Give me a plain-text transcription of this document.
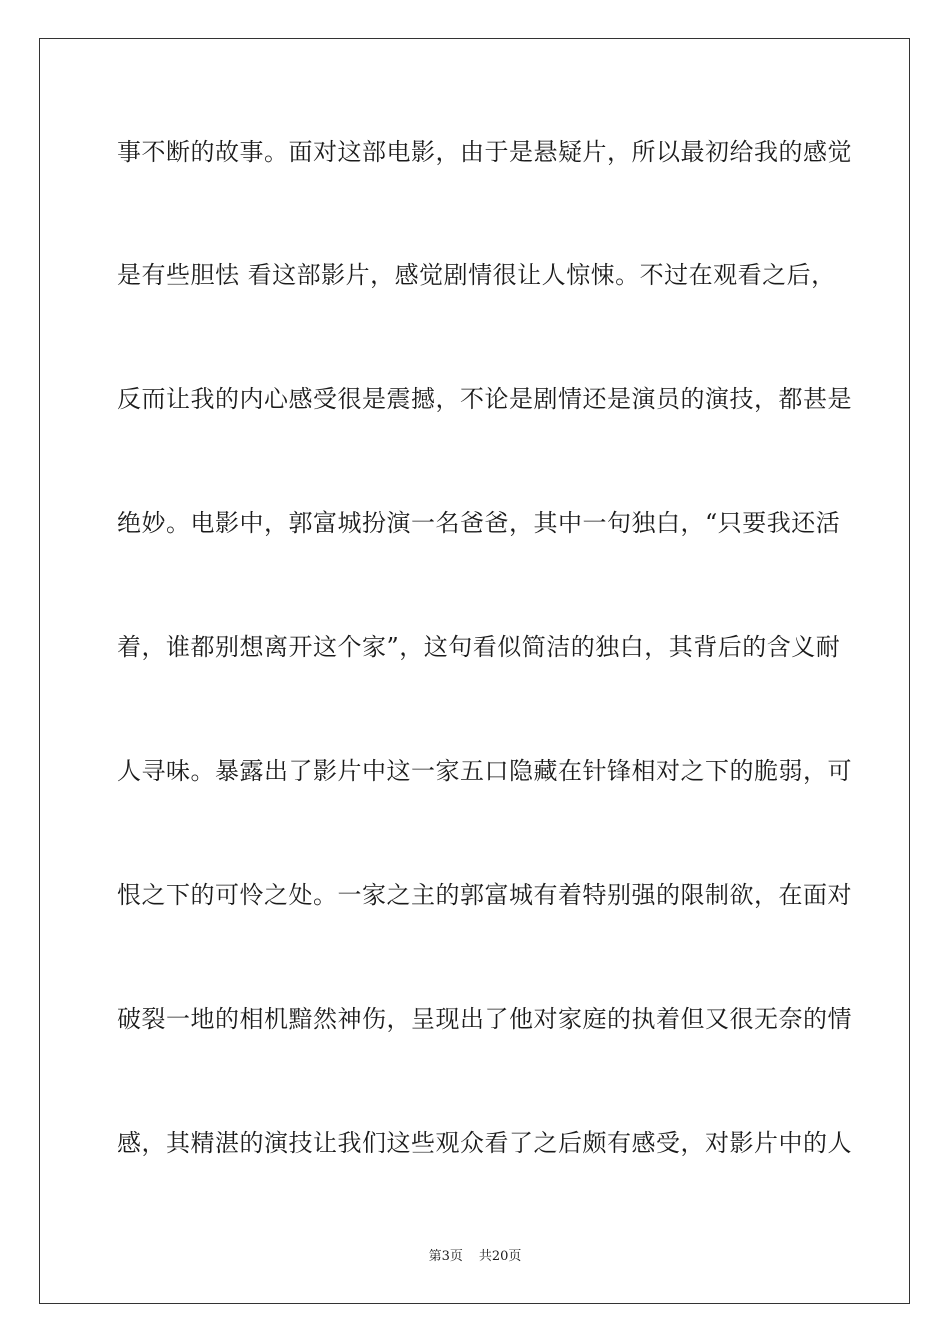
事不断的故事。面对这部电影，由于是悬疑片，所以最初给我的感觉
是有些胆怯 看这部影片，感觉剧情很让人惊悚。不过在观看之后，
反而让我的内心感受很是震撼，不论是剧情还是演员的演技，都甚是
绝妙。电影中，郭富城扮演一名爸爸，其中一句独白，“只要我还活
着，谁都别想离开这个家”，这句看似简洁的独白，其背后的含义耐
人寻味。暴露出了影片中这一家五口隐藏在针锋相对之下的脆弱，可
恨之下的可怜之处。一家之主的郭富城有着特别强的限制欲，在面对
破裂一地的相机黯然神伤，呈现出了他对家庭的执着但又很无奈的情
感，其精湛的演技让我们这些观众看了之后颇有感受，对影片中的人
第3页 共20页
